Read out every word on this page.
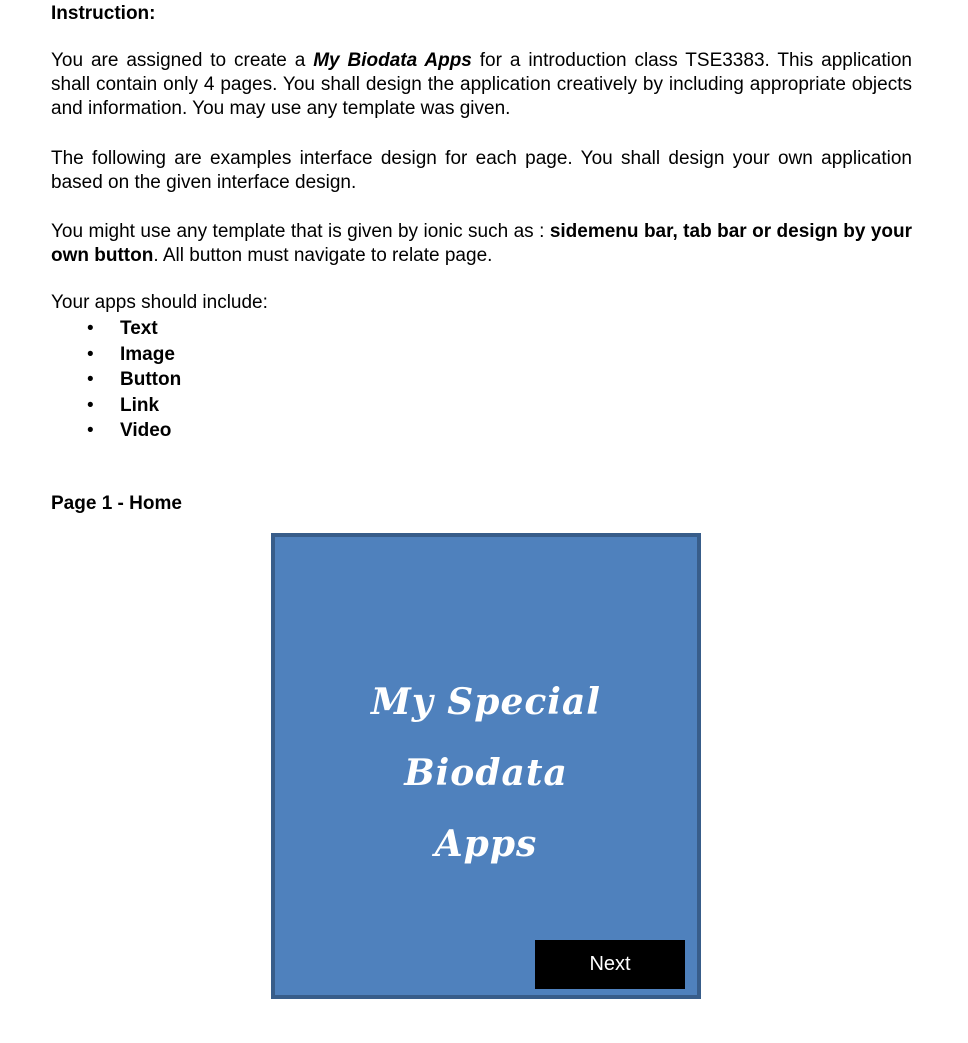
Instruction:

You are assigned to create a My Biodata Apps for a introduction class TSE3383. This application shall contain only 4 pages. You shall design the application creatively by including appropriate objects and information. You may use any template was given.

The following are examples interface design for each page. You shall design your own application based on the given interface design.

You might use any template that is given by ionic such as : sidemenu bar, tab bar or design by your own button. All button must navigate to relate page.

Your apps should include:

• Text
• Image
• Button
• Link
• Video

Page 1 - Home

My Special
Biodata
Apps
Next
